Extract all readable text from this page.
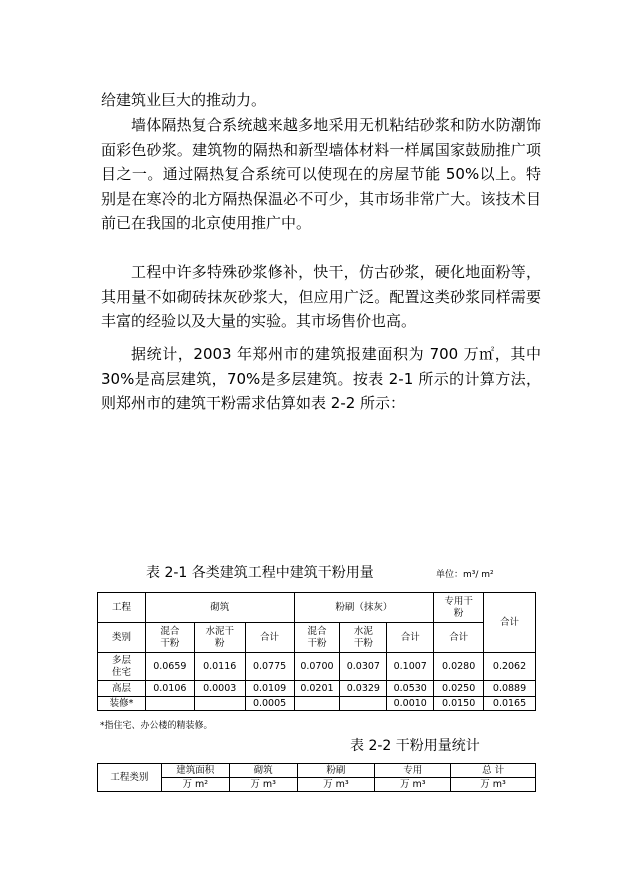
给建筑业巨大的推动力。

墙体隔热复合系统越来越多地采用无机粘结砂浆和防水防潮饰面彩色砂浆。建筑物的隔热和新型墙体材料一样属国家鼓励推广项目之一。通过隔热复合系统可以使现在的房屋节能 50%以上。特别是在寒冷的北方隔热保温必不可少，其市场非常广大。该技术目前已在我国的北京使用推广中。

工程中许多特殊砂浆修补，快干，仿古砂浆，硬化地面粉等，其用量不如砌砖抹灰砂浆大，但应用广泛。配置这类砂浆同样需要丰富的经验以及大量的实验。其市场售价也高。

据统计，2003 年郑州市的建筑报建面积为 700 万㎡，其中 30%是高层建筑，70%是多层建筑。按表 2-1 所示的计算方法，则郑州市的建筑干粉需求估算如表 2-2 所示：

表 2-1 各类建筑工程中建筑干粉用量	单位：m³/ m²
工程	砌筑			粉刷（抹灰）			专用干粉	合计
类别	混合干粉	水泥干粉	合计	混合干粉	水泥干粉	合计	合计	
多层住宅	0.0659	0.0116	0.0775	0.0700	0.0307	0.1007	0.0280	0.2062
高层	0.0106	0.0003	0.0109	0.0201	0.0329	0.0530	0.0250	0.0889
装修*			0.0005			0.0010	0.0150	0.0165
*指住宅、办公楼的精装修。
表 2-2 干粉用量统计
工程类别	建筑面积	砌筑	粉刷	专用	总 计
	万 m²	万 m³	万 m³	万 m³	万 m³
